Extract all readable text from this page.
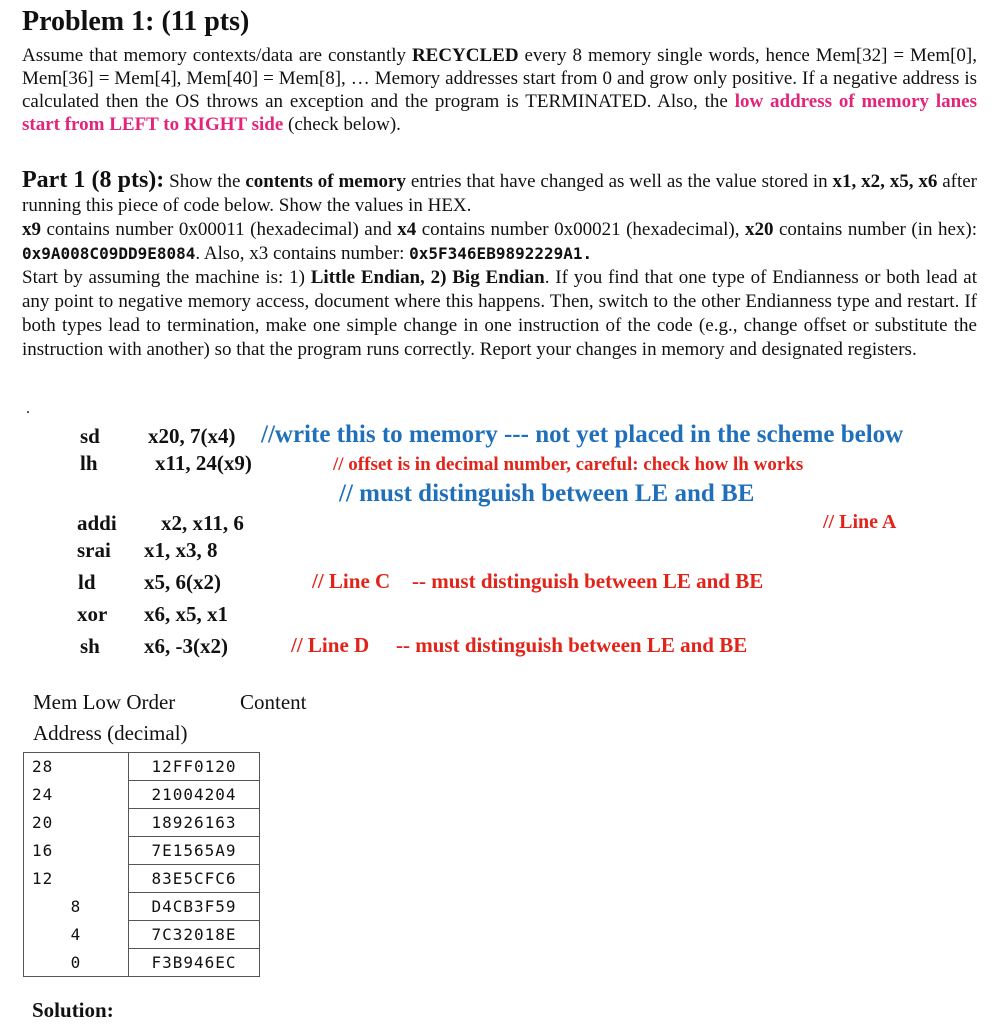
Problem 1: (11 pts)

Assume that memory contexts/data are constantly RECYCLED every 8 memory single words, hence Mem[32] = Mem[0], Mem[36] = Mem[4], Mem[40] = Mem[8], … Memory addresses start from 0 and grow only positive. If a negative address is calculated then the OS throws an exception and the program is TERMINATED. Also, the low address of memory lanes start from LEFT to RIGHT side (check below).

Part 1 (8 pts): Show the contents of memory entries that have changed as well as the value stored in x1, x2, x5, x6 after running this piece of code below. Show the values in HEX.
x9 contains number 0x00011 (hexadecimal) and x4 contains number 0x00021 (hexadecimal), x20 contains number (in hex): 0x9A008C09DD9E8084. Also, x3 contains number: 0x5F346EB9892229A1.
Start by assuming the machine is: 1) Little Endian, 2) Big Endian. If you find that one type of Endianness or both lead at any point to negative memory access, document where this happens. Then, switch to the other Endianness type and restart. If both types lead to termination, make one simple change in one instruction of the code (e.g., change offset or substitute the instruction with another) so that the program runs correctly. Report your changes in memory and designated registers.

.
sd x20, 7(x4) //write this to memory --- not yet placed in the scheme below
lh	x11, 24(x9)	// offset is in decimal number, careful: check how lh works
// must distinguish between LE and BE
addi x2, x11, 6	// Line A
srai x1, x3, 8
ld x5, 6(x2)	// Line C -- must distinguish between LE and BE
xor x6, x5, x1
sh x6, -3(x2)	// Line D -- must distinguish between LE and BE
Mem Low Order
Address (decimal)
Content
28	12FF0120

24	21004204

20	18926163

16	7E1565A9

12	83E5CFC6

8	D4CB3F59

4	7C32018E

0	F3B946EC
Solution:
